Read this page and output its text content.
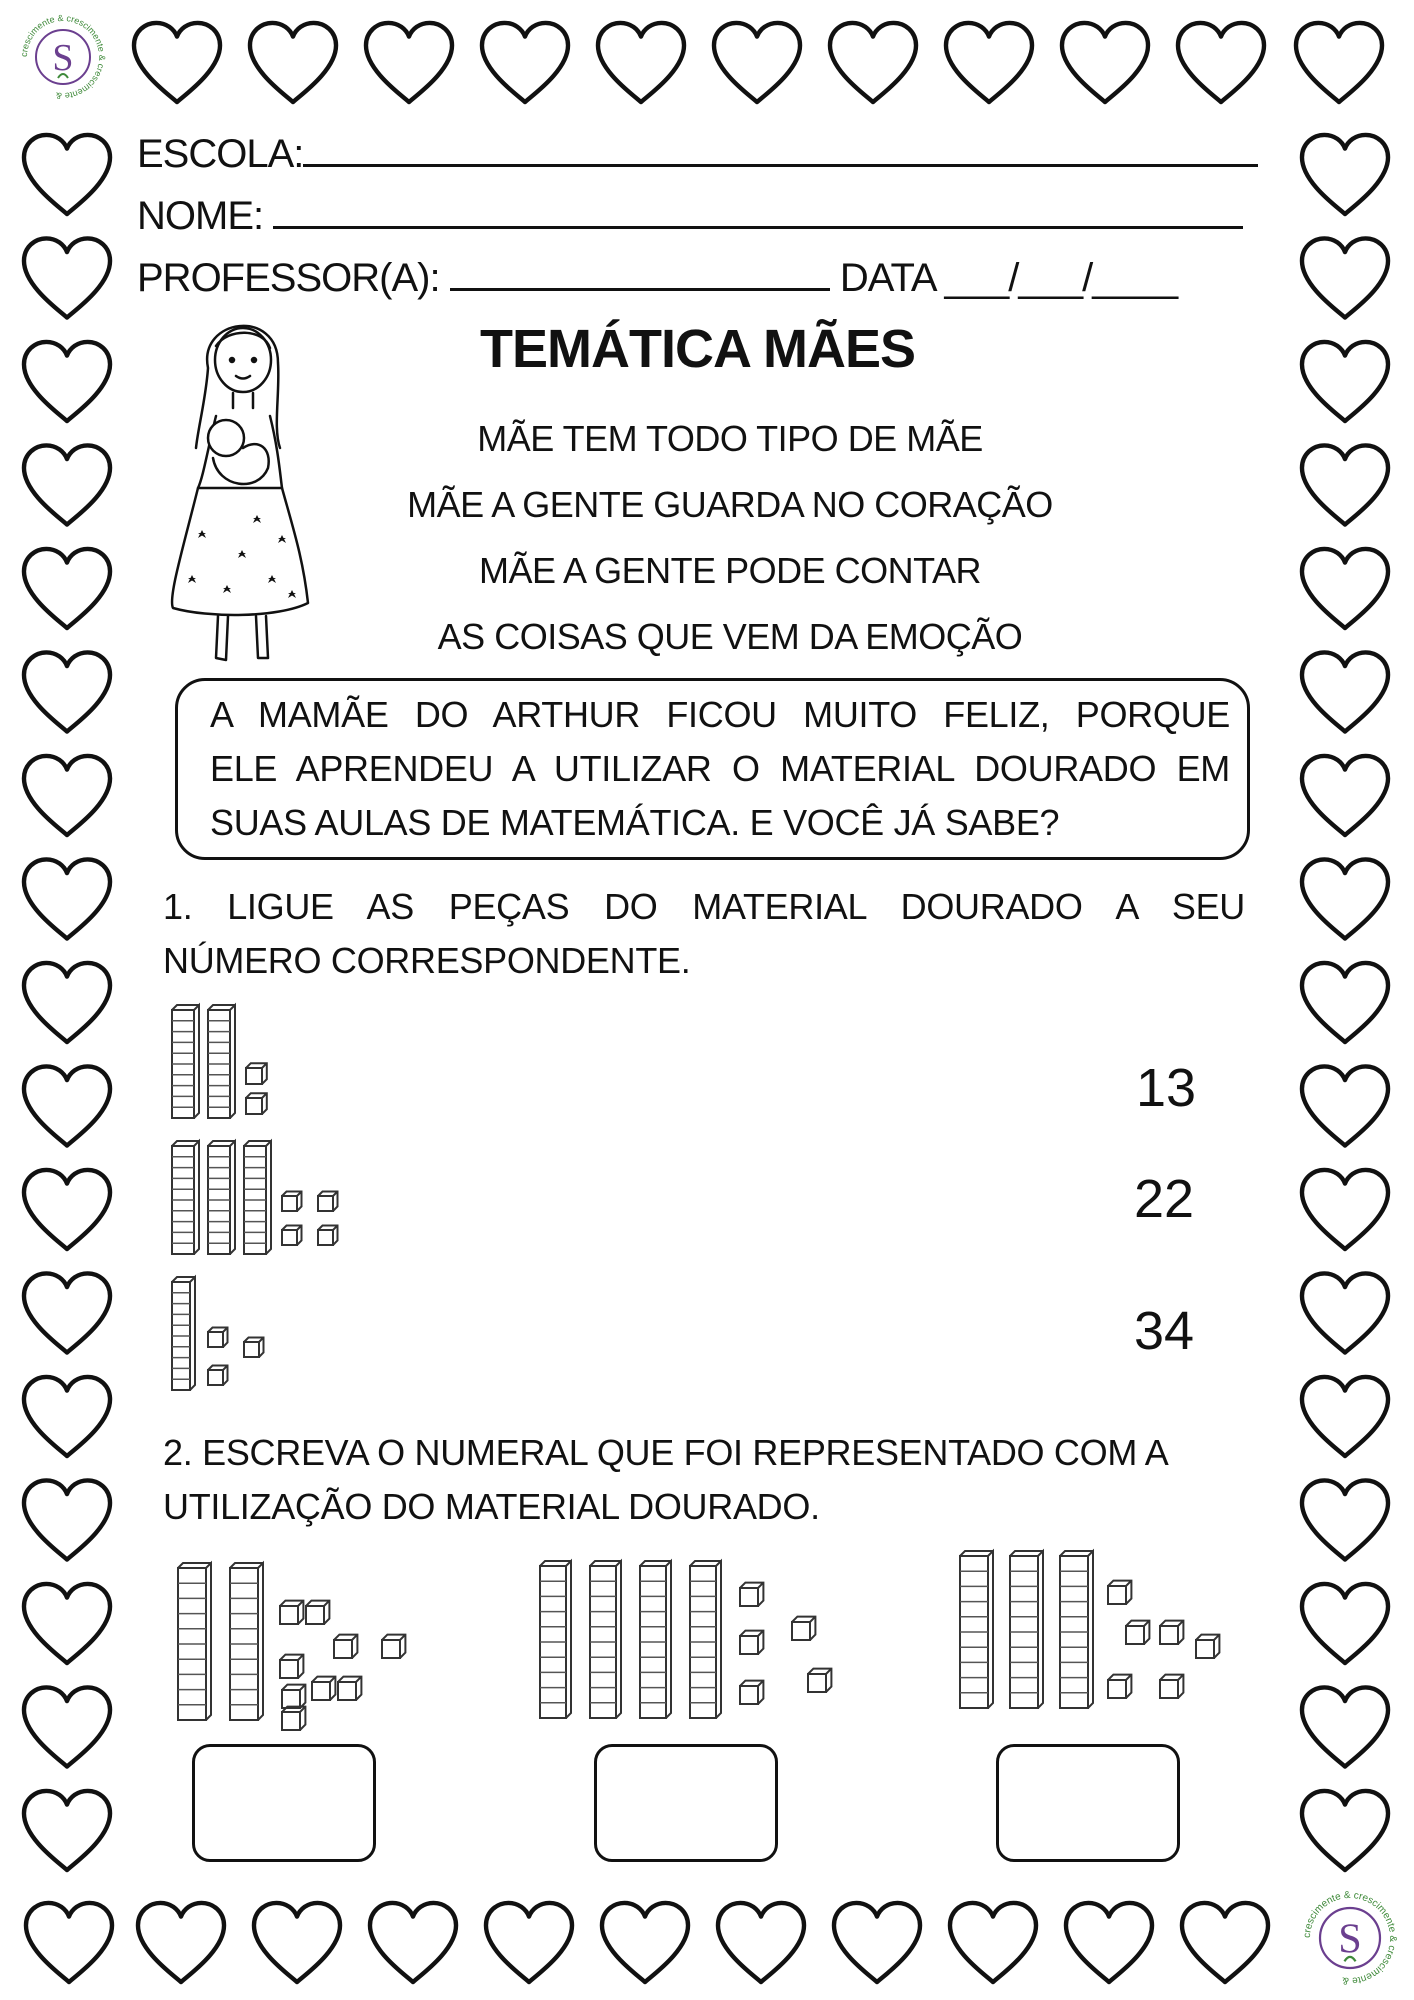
crescimente & crescimente & crescimente &
S
crescimente & crescimente & crescimente &
S
ESCOLA:
NOME:
PROFESSOR(A):	DATA ___/___/____
TEMÁTICA MÃES
MÃE TEM TODO TIPO DE MÃE
MÃE A GENTE GUARDA NO CORAÇÃO
MÃE A GENTE PODE CONTAR
AS COISAS QUE VEM DA EMOÇÃO
A MAMÃE DO ARTHUR FICOU MUITO FELIZ, PORQUE
ELE APRENDEU A UTILIZAR O MATERIAL DOURADO EM
SUAS AULAS DE MATEMÁTICA. E VOCÊ JÁ SABE?
1. LIGUE AS PEÇAS DO MATERIAL DOURADO A SEU
NÚMERO CORRESPONDENTE.
13
22
34
2. ESCREVA O NUMERAL QUE FOI REPRESENTADO COM A
UTILIZAÇÃO DO MATERIAL DOURADO.
